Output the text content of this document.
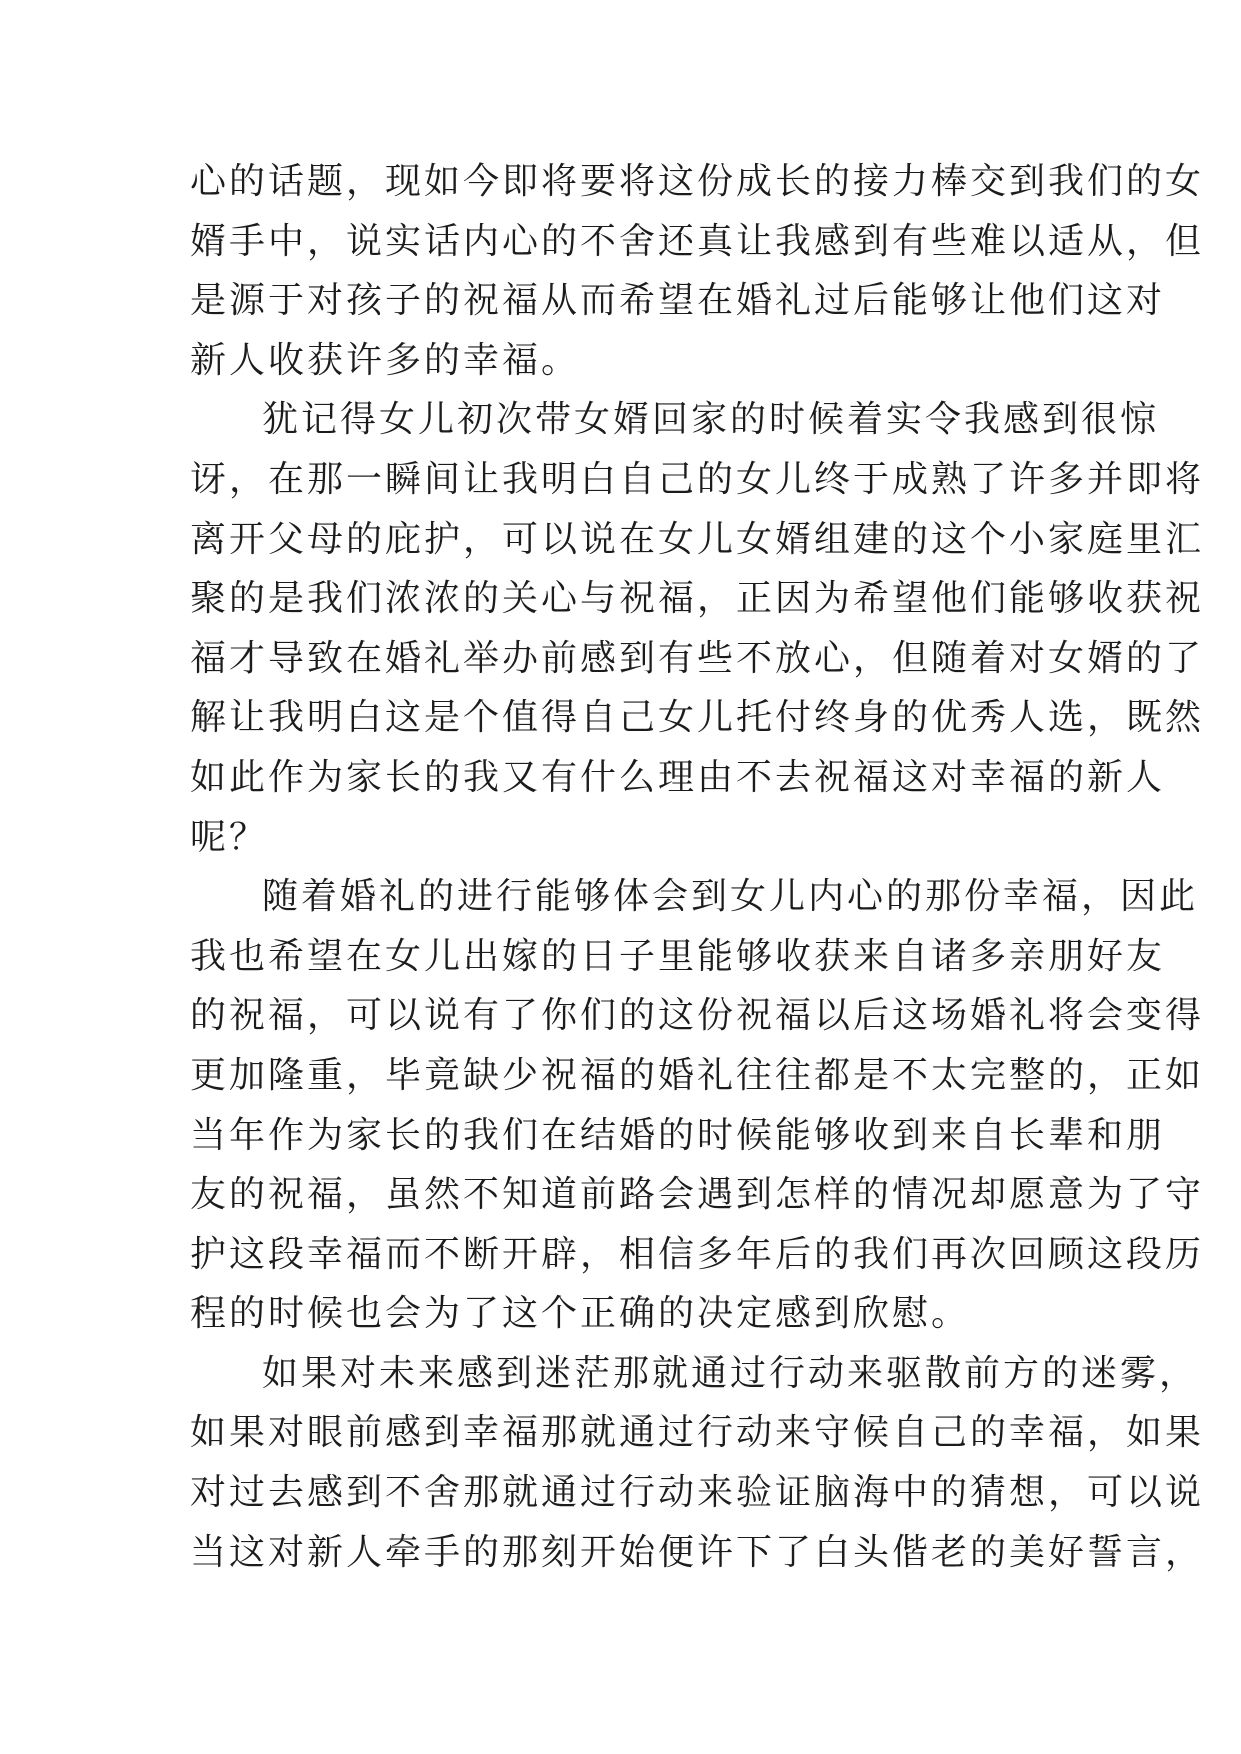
心的话题，现如今即将要将这份成长的接力棒交到我们的女
婿手中，说实话内心的不舍还真让我感到有些难以适从，但
是源于对孩子的祝福从而希望在婚礼过后能够让他们这对
新人收获许多的幸福。
犹记得女儿初次带女婿回家的时候着实令我感到很惊
讶，在那一瞬间让我明白自己的女儿终于成熟了许多并即将
离开父母的庇护，可以说在女儿女婿组建的这个小家庭里汇
聚的是我们浓浓的关心与祝福，正因为希望他们能够收获祝
福才导致在婚礼举办前感到有些不放心，但随着对女婿的了
解让我明白这是个值得自己女儿托付终身的优秀人选，既然
如此作为家长的我又有什么理由不去祝福这对幸福的新人
呢？
随着婚礼的进行能够体会到女儿内心的那份幸福，因此
我也希望在女儿出嫁的日子里能够收获来自诸多亲朋好友
的祝福，可以说有了你们的这份祝福以后这场婚礼将会变得
更加隆重，毕竟缺少祝福的婚礼往往都是不太完整的，正如
当年作为家长的我们在结婚的时候能够收到来自长辈和朋
友的祝福，虽然不知道前路会遇到怎样的情况却愿意为了守
护这段幸福而不断开辟，相信多年后的我们再次回顾这段历
程的时候也会为了这个正确的决定感到欣慰。
如果对未来感到迷茫那就通过行动来驱散前方的迷雾，
如果对眼前感到幸福那就通过行动来守候自己的幸福，如果
对过去感到不舍那就通过行动来验证脑海中的猜想，可以说
当这对新人牵手的那刻开始便许下了白头偕老的美好誓言，
